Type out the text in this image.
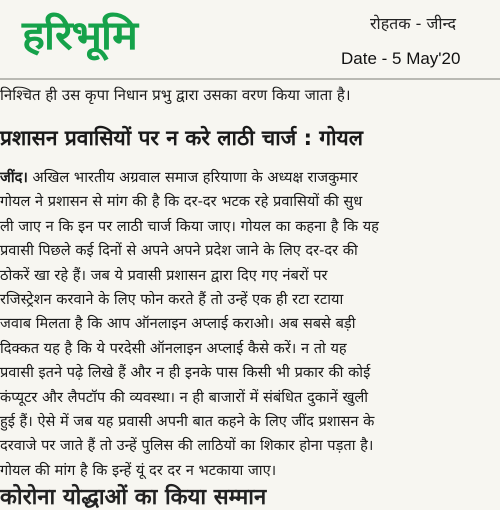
हरिभूमि	रोहतक - जीन्द
Date - 5 May'20
निश्चित ही उस कृपा निधान प्रभु द्वारा उसका वरण किया जाता है।
प्रशासन प्रवासियों पर न करे लाठी चार्ज : गोयल
जींद। अखिल भारतीय अग्रवाल समाज हरियाणा के अध्यक्ष राजकुमार
गोयल ने प्रशासन से मांग की है कि दर-दर भटक रहे प्रवासियों की सुध
ली जाए न कि इन पर लाठी चार्ज किया जाए। गोयल का कहना है कि यह
प्रवासी पिछले कई दिनों से अपने अपने प्रदेश जाने के लिए दर-दर की
ठोकरें खा रहे हैं। जब ये प्रवासी प्रशासन द्वारा दिए गए नंबरों पर
रजिस्ट्रेशन करवाने के लिए फोन करते हैं तो उन्हें एक ही रटा रटाया
जवाब मिलता है कि आप ऑनलाइन अप्लाई कराओ। अब सबसे बड़ी
दिक्कत यह है कि ये परदेसी ऑनलाइन अप्लाई कैसे करें। न तो यह
प्रवासी इतने पढ़े लिखे हैं और न ही इनके पास किसी भी प्रकार की कोई
कंप्यूटर और लैपटॉप की व्यवस्था। न ही बाजारों में संबंधित दुकानें खुली
हुई हैं। ऐसे में जब यह प्रवासी अपनी बात कहने के लिए जींद प्रशासन के
दरवाजे पर जाते हैं तो उन्हें पुलिस की लाठियों का शिकार होना पड़ता है।
गोयल की मांग है कि इन्हें यूं दर दर न भटकाया जाए।
कोरोना योद्धाओं का किया सम्मान
